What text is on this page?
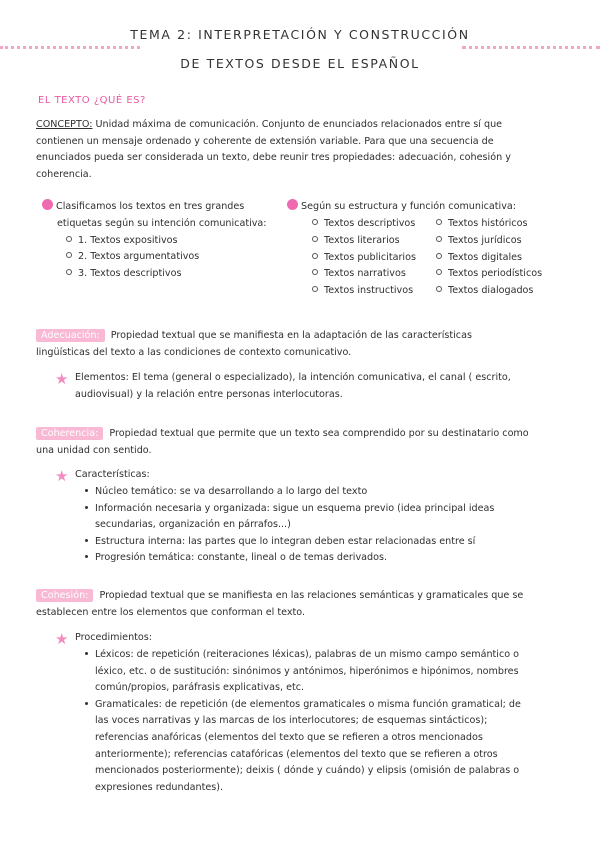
TEMA 2: INTERPRETACIÓN Y CONSTRUCCIÓN
DE TEXTOS DESDE EL ESPAÑOL
EL TEXTO ¿QUÉ ES?
CONCEPTO: Unidad máxima de comunicación. Conjunto de enunciados relacionados entre sí que
contienen un mensaje ordenado y coherente de extensión variable. Para que una secuencia de
enunciados pueda ser considerada un texto, debe reunir tres propiedades: adecuación, cohesión y
coherencia.
Clasificamos los textos en tres grandes
etiquetas según su intención comunicativa:
1. Textos expositivos
2. Textos argumentativos
3. Textos descriptivos
Según su estructura y función comunicativa:
Textos descriptivos
Textos literarios
Textos publicitarios
Textos narrativos
Textos instructivos
Textos históricos
Textos jurídicos
Textos digitales
Textos periodísticos
Textos dialogados
Adecuación: Propiedad textual que se manifiesta en la adaptación de las características
lingüísticas del texto a las condiciones de contexto comunicativo.
★ Elementos: El tema (general o especializado), la intención comunicativa, el canal ( escrito,
audiovisual) y la relación entre personas interlocutoras.
Coherencia: Propiedad textual que permite que un texto sea comprendido por su destinatario como
una unidad con sentido.
★ Características:
Núcleo temático: se va desarrollando a lo largo del texto
Información necesaria y organizada: sigue un esquema previo (idea principal ideas
secundarias, organización en párrafos...)
Estructura interna: las partes que lo integran deben estar relacionadas entre sí
Progresión temática: constante, lineal o de temas derivados.
Cohesión: Propiedad textual que se manifiesta en las relaciones semánticas y gramaticales que se
establecen entre los elementos que conforman el texto.
★ Procedimientos:
Léxicos: de repetición (reiteraciones léxicas), palabras de un mismo campo semántico o
léxico, etc. o de sustitución: sinónimos y antónimos, hiperónimos e hipónimos, nombres
común/propios, paráfrasis explicativas, etc.
Gramaticales: de repetición (de elementos gramaticales o misma función gramatical; de
las voces narrativas y las marcas de los interlocutores; de esquemas sintácticos);
referencias anafóricas (elementos del texto que se refieren a otros mencionados
anteriormente); referencias catafóricas (elementos del texto que se refieren a otros
mencionados posteriormente); deixis ( dónde y cuándo) y elipsis (omisión de palabras o
expresiones redundantes).
